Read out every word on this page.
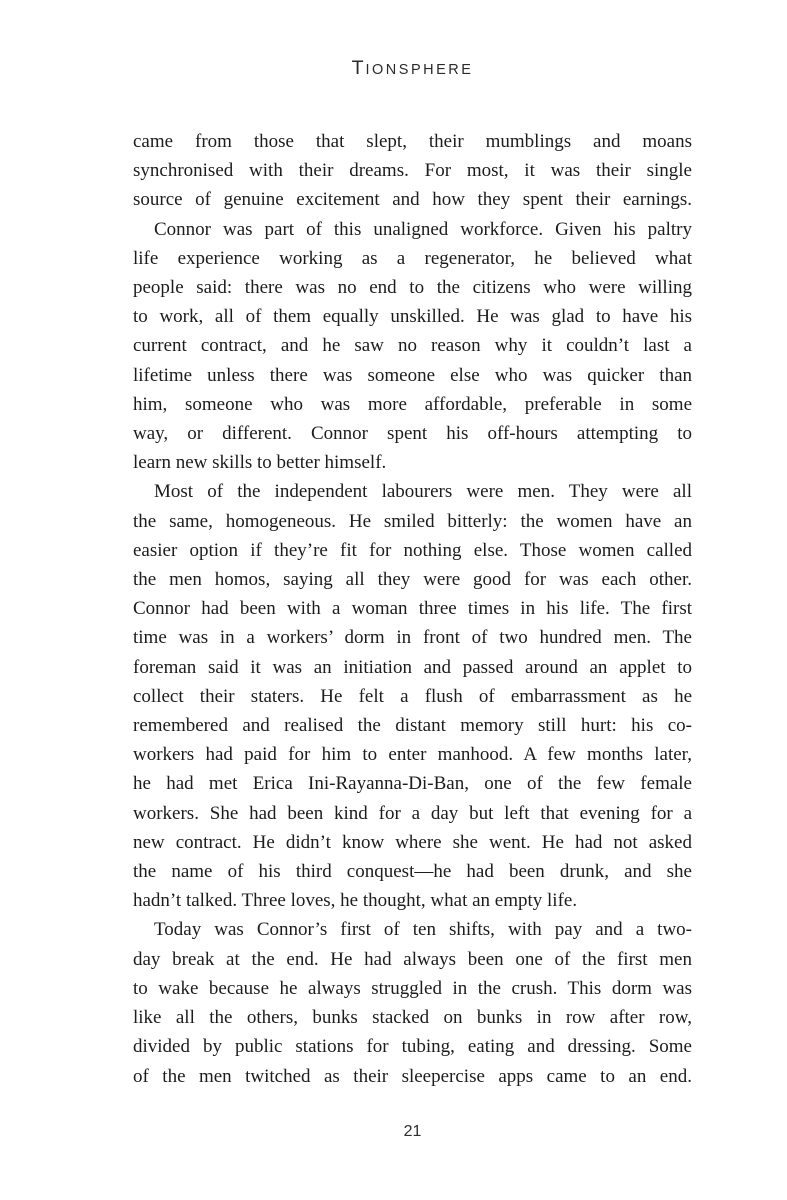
TIONSPHERE
came from those that slept, their mumblings and moans
synchronised with their dreams. For most, it was their single
source of genuine excitement and how they spent their earnings.
Connor was part of this unaligned workforce. Given his paltry
life experience working as a regenerator, he believed what
people said: there was no end to the citizens who were willing
to work, all of them equally unskilled. He was glad to have his
current contract, and he saw no reason why it couldn’t last a
lifetime unless there was someone else who was quicker than
him, someone who was more affordable, preferable in some
way, or different. Connor spent his off-hours attempting to
learn new skills to better himself.
Most of the independent labourers were men. They were all
the same, homogeneous. He smiled bitterly: the women have an
easier option if they’re fit for nothing else. Those women called
the men homos, saying all they were good for was each other.
Connor had been with a woman three times in his life. The first
time was in a workers’ dorm in front of two hundred men. The
foreman said it was an initiation and passed around an applet to
collect their staters. He felt a flush of embarrassment as he
remembered and realised the distant memory still hurt: his co-
workers had paid for him to enter manhood. A few months later,
he had met Erica Ini-Rayanna-Di-Ban, one of the few female
workers. She had been kind for a day but left that evening for a
new contract. He didn’t know where she went. He had not asked
the name of his third conquest—he had been drunk, and she
hadn’t talked. Three loves, he thought, what an empty life.
Today was Connor’s first of ten shifts, with pay and a two-
day break at the end. He had always been one of the first men
to wake because he always struggled in the crush. This dorm was
like all the others, bunks stacked on bunks in row after row,
divided by public stations for tubing, eating and dressing. Some
of the men twitched as their sleepercise apps came to an end.
21
